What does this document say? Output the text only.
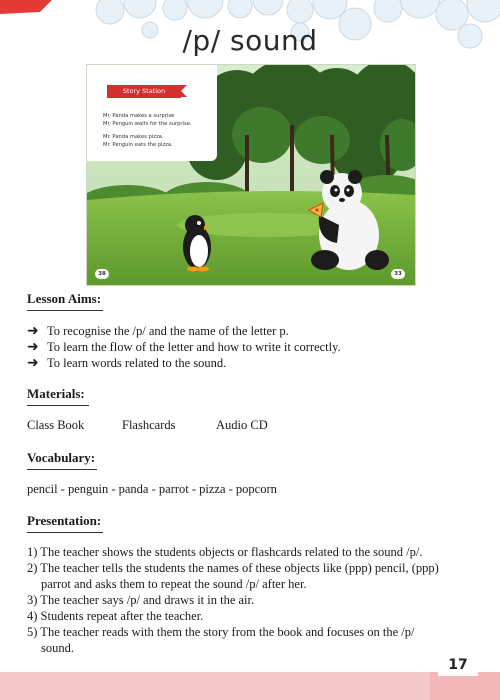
/p/ sound
Story Station
Mr. Panda makes a surprise
Mr. Penguin waits for the surprise.
Mr. Panda makes pizza.
Mr. Penguin eats the pizza.
38	33
Lesson Aims:
➜ To recognise the /p/ and the name of the letter p.
➜ To learn the flow of the letter and how to write it correctly.
➜ To learn words related to the sound.
Materials:
Class Book	Flashcards	Audio CD
Vocabulary:
pencil - penguin - panda - parrot - pizza - popcorn
Presentation:
1) The teacher shows the students objects or flashcards related to the sound /p/.
2) The teacher tells the students the names of these objects like (ppp) pencil, (ppp)
parrot and asks them to repeat the sound /p/ after her.
3) The teacher says /p/ and draws it in the air.
4) Students repeat after the teacher.
5) The teacher reads with them the story from the book and focuses on the /p/
sound.
17
